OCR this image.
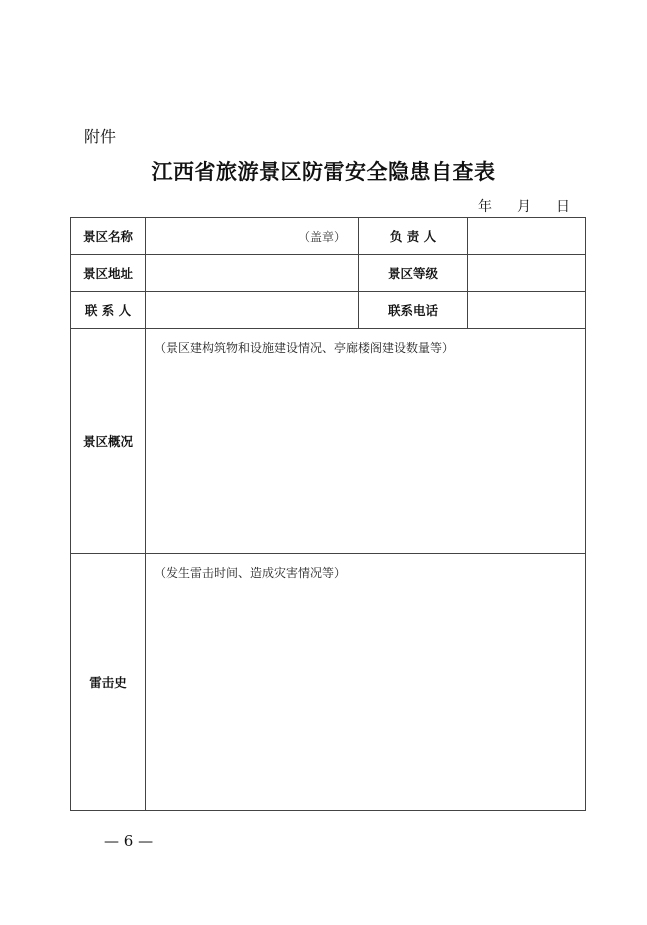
附件
江西省旅游景区防雷安全隐患自查表
年 月 日
景区名称	（盖章）	负 责 人	
景区地址		景区等级	
联 系 人		联系电话	
景区概况	（景区建构筑物和设施建设情况、亭廊楼阁建设数量等）		
雷击史	（发生雷击时间、造成灾害情况等）		
— 6 —
